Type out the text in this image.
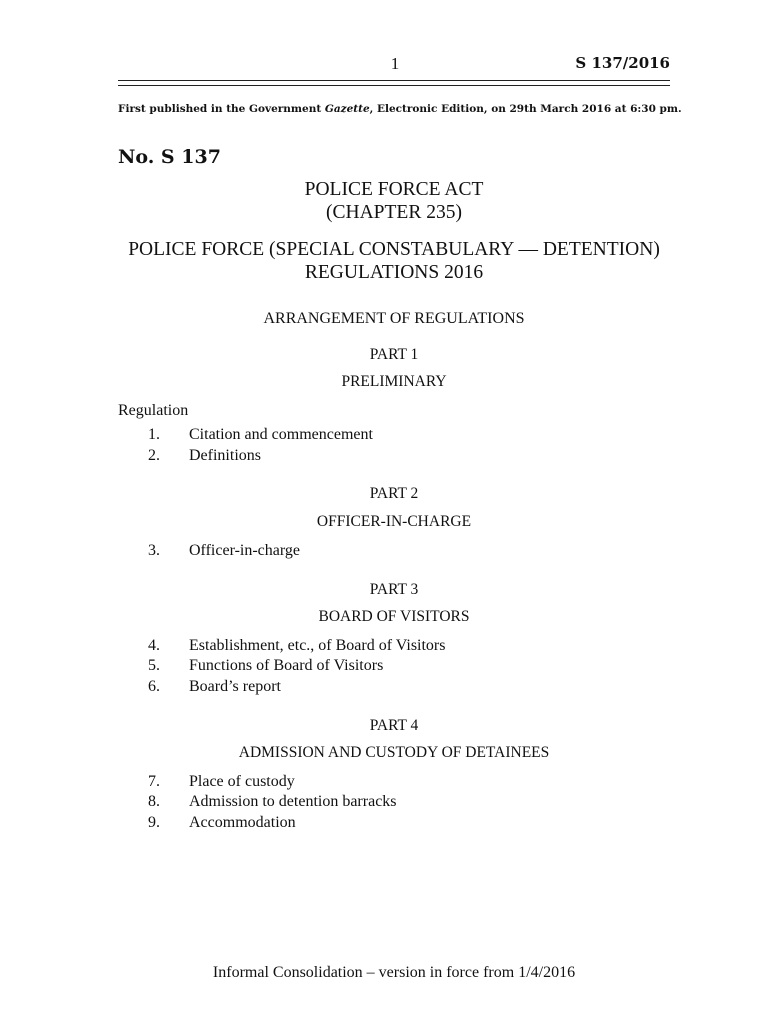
1	S 137/2016
First published in the Government Gazette, Electronic Edition, on 29th March 2016 at 6:30 pm.
No. S 137
POLICE FORCE ACT
(CHAPTER 235)
POLICE FORCE (SPECIAL CONSTABULARY — DETENTION)
REGULATIONS 2016
ARRANGEMENT OF REGULATIONS
PART 1
PRELIMINARY
Regulation
1. Citation and commencement
2. Definitions
PART 2
OFFICER-IN-CHARGE
3. Officer-in-charge
PART 3
BOARD OF VISITORS
4. Establishment, etc., of Board of Visitors
5. Functions of Board of Visitors
6. Board’s report
PART 4
ADMISSION AND CUSTODY OF DETAINEES
7. Place of custody
8. Admission to detention barracks
9. Accommodation
Informal Consolidation – version in force from 1/4/2016
